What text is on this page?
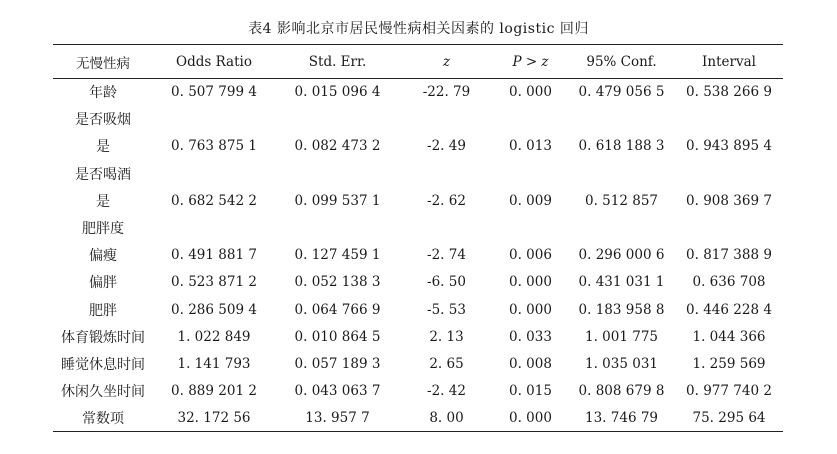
表4 影响北京市居民慢性病相关因素的 logistic 回归
无慢性病	Odds Ratio	Std. Err.	z	P > z	95% Conf.	Interval
年龄	0. 507 799 4	0. 015 096 4	-22. 79	0. 000	0. 479 056 5	0. 538 266 9
是否吸烟						
是	0. 763 875 1	0. 082 473 2	-2. 49	0. 013	0. 618 188 3	0. 943 895 4
是否喝酒						
是	0. 682 542 2	0. 099 537 1	-2. 62	0. 009	0. 512 857	0. 908 369 7
肥胖度						
偏瘦	0. 491 881 7	0. 127 459 1	-2. 74	0. 006	0. 296 000 6	0. 817 388 9
偏胖	0. 523 871 2	0. 052 138 3	-6. 50	0. 000	0. 431 031 1	0. 636 708
肥胖	0. 286 509 4	0. 064 766 9	-5. 53	0. 000	0. 183 958 8	0. 446 228 4
体育锻炼时间	1. 022 849	0. 010 864 5	2. 13	0. 033	1. 001 775	1. 044 366
睡觉休息时间	1. 141 793	0. 057 189 3	2. 65	0. 008	1. 035 031	1. 259 569
休闲久坐时间	0. 889 201 2	0. 043 063 7	-2. 42	0. 015	0. 808 679 8	0. 977 740 2
常数项	32. 172 56	13. 957 7	8. 00	0. 000	13. 746 79	75. 295 64
